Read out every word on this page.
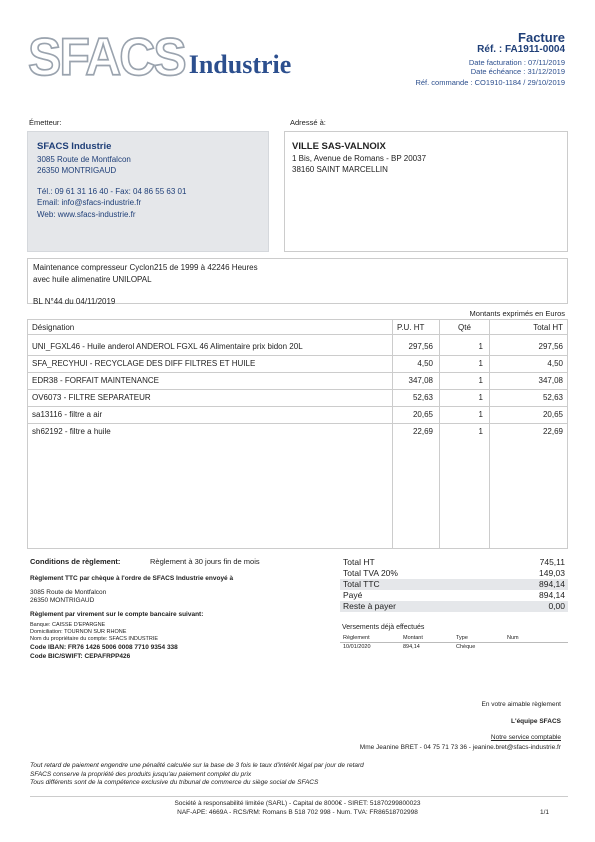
SFACS Industrie
Facture
Réf. : FA1911-0004
Date facturation : 07/11/2019
Date échéance : 31/12/2019
Réf. commande : CO1910-1184 / 29/10/2019
Émetteur:	Adressé à:
SFACS Industrie
3085 Route de Montfalcon
26350 MONTRIGAUD
Tél.: 09 61 31 16 40 - Fax: 04 86 55 63 01
Email: info@sfacs-industrie.fr
Web: www.sfacs-industrie.fr
VILLE SAS-VALNOIX
1 Bis, Avenue de Romans - BP 20037
38160 SAINT MARCELLIN
Maintenance compresseur Cyclon215 de 1999 à 42246 Heures
avec huile alimenatire UNILOPAL
BL N°44 du 04/11/2019
Montants exprimés en Euros
Désignation	P.U. HT	Qté	Total HT
UNI_FGXL46 - Huile anderol ANDEROL FGXL 46 Alimentaire prix bidon 20L	297,56	1	297,56
SFA_RECYHUI - RECYCLAGE DES DIFF FILTRES ET HUILE	4,50	1	4,50
EDR38 - FORFAIT MAINTENANCE	347,08	1	347,08
OV6073 - FILTRE SEPARATEUR	52,63	1	52,63
sa13116 - filtre a air	20,65	1	20,65
sh62192 - filtre a huile	22,69	1	22,69
Conditions de règlement:	Règlement à 30 jours fin de mois
Règlement TTC par chèque à l'ordre de SFACS Industrie envoyé à
3085 Route de Montfalcon
26350 MONTRIGAUD
Règlement par virement sur le compte bancaire suivant:
Banque: CAISSE D'EPARGNE
Domiciliation: TOURNON SUR RHONE
Nom du propriétaire du compte: SFACS INDUSTRIE
Code IBAN: FR76 1426 5006 0008 7710 9354 338
Code BIC/SWIFT: CEPAFRPP426
Total HT	745,11
Total TVA 20%	149,03
Total TTC	894,14
Payé	894,14
Reste à payer	0,00
Versements déjà effectués
Règlement	Montant	Type	Num
10/01/2020	894,14	Chèque
En votre aimable règlement
L'équipe SFACS
Notre service comptable
Mme Jeanine BRET - 04 75 71 73 36 - jeanine.bret@sfacs-industrie.fr
Tout retard de paiement engendre une pénalité calculée sur la base de 3 fois le taux d'intérêt légal par jour de retard
SFACS conserve la propriété des produits jusqu'au paiement complet du prix
Tous différents sont de la compétence exclusive du tribunal de commerce du siège social de SFACS
Société à responsabilité limitée (SARL) - Capital de 8000€ - SIRET: 51870299800023
NAF-APE: 4669A - RCS/RM: Romans B 518 702 998 - Num. TVA: FR86518702998	1/1
